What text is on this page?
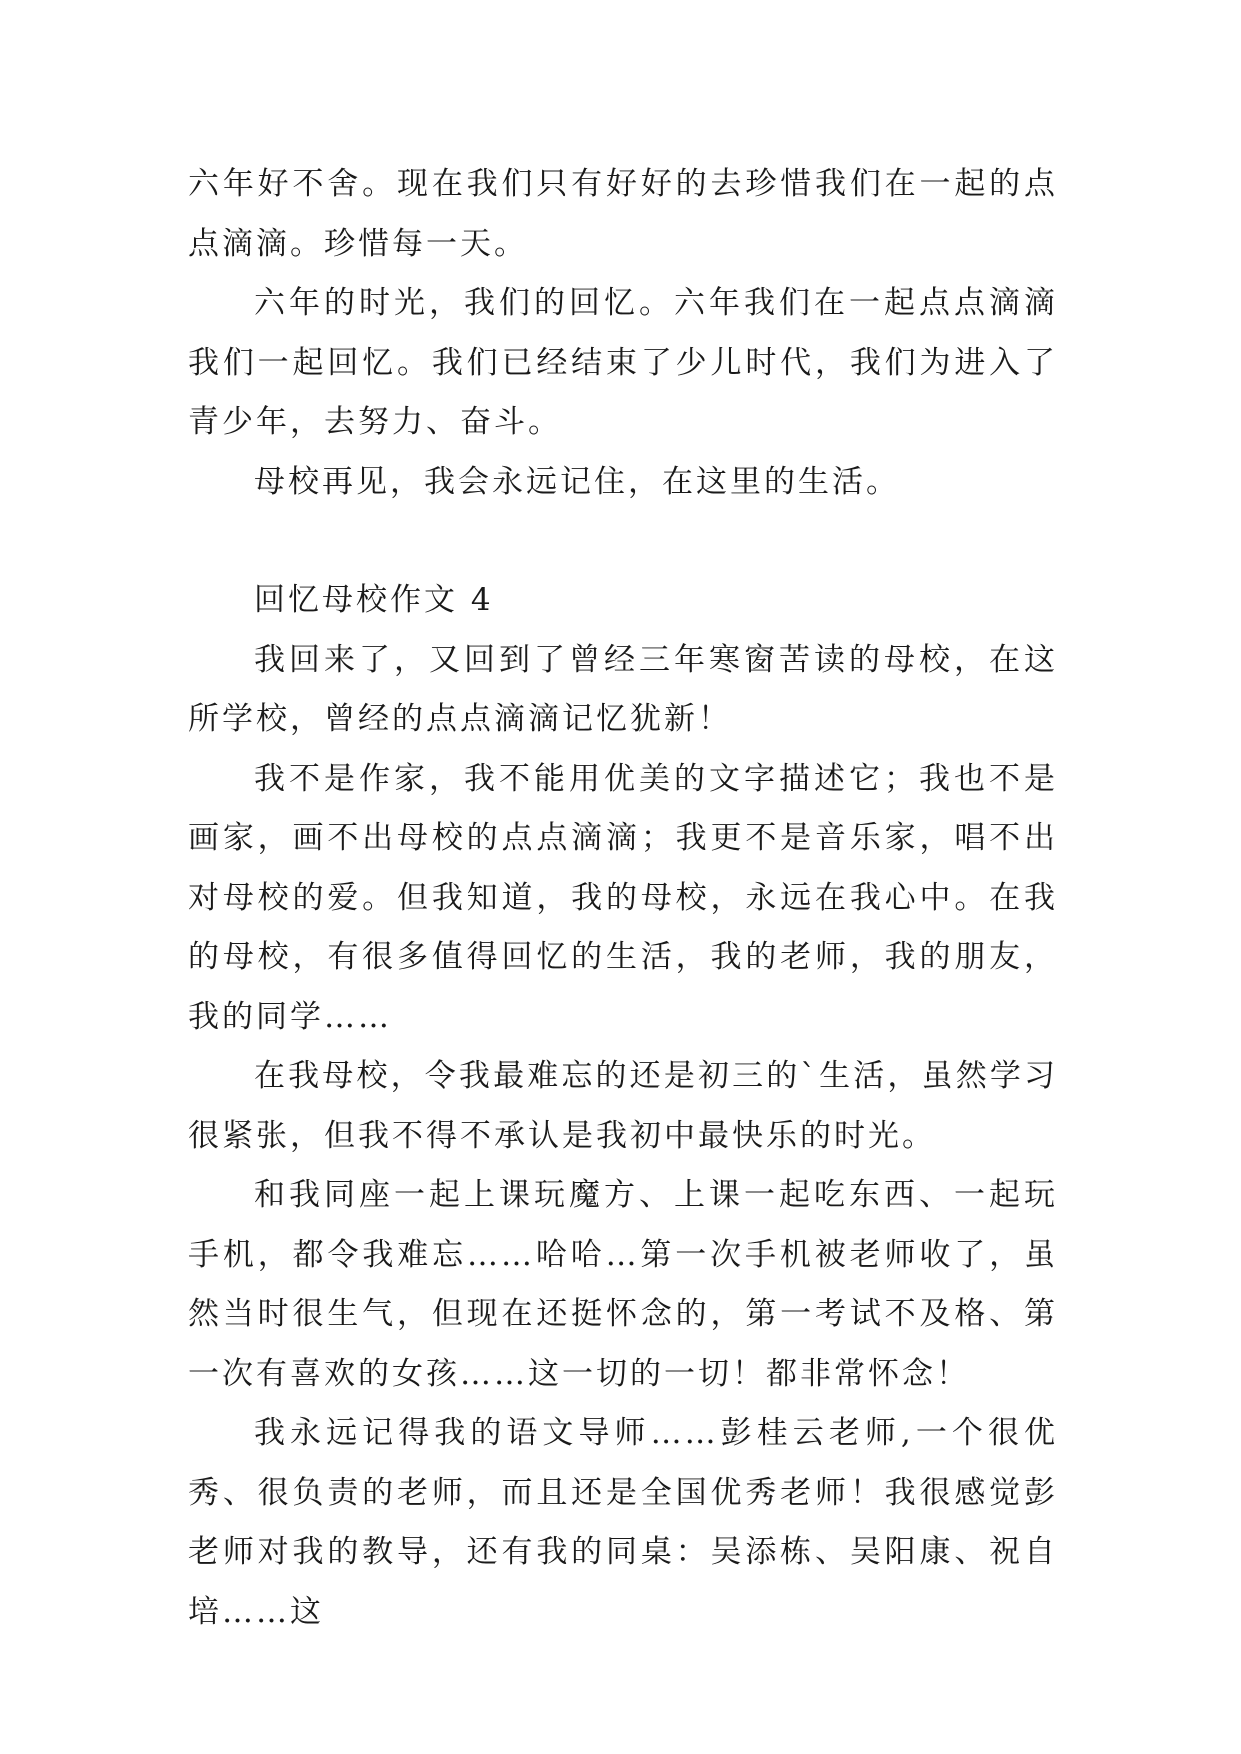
六年好不舍。现在我们只有好好的去珍惜我们在一起的点点滴滴。珍惜每一天。

六年的时光，我们的回忆。六年我们在一起点点滴滴我们一起回忆。我们已经结束了少儿时代，我们为进入了青少年，去努力、奋斗。

母校再见，我会永远记住，在这里的生活。

回忆母校作文 4

我回来了，又回到了曾经三年寒窗苦读的母校，在这所学校，曾经的点点滴滴记忆犹新！

我不是作家，我不能用优美的文字描述它；我也不是画家，画不出母校的点点滴滴；我更不是音乐家，唱不出对母校的爱。但我知道，我的母校，永远在我心中。在我的母校，有很多值得回忆的生活，我的老师，我的朋友，我的同学……

在我母校，令我最难忘的还是初三的`生活，虽然学习很紧张，但我不得不承认是我初中最快乐的时光。

和我同座一起上课玩魔方、上课一起吃东西、一起玩手机，都令我难忘……哈哈…第一次手机被老师收了，虽然当时很生气，但现在还挺怀念的，第一考试不及格、第一次有喜欢的女孩……这一切的一切！都非常怀念！

我永远记得我的语文导师……彭桂云老师,一个很优秀、很负责的老师，而且还是全国优秀老师！我很感觉彭老师对我的教导，还有我的同桌：吴添栋、吴阳康、祝自培……这
